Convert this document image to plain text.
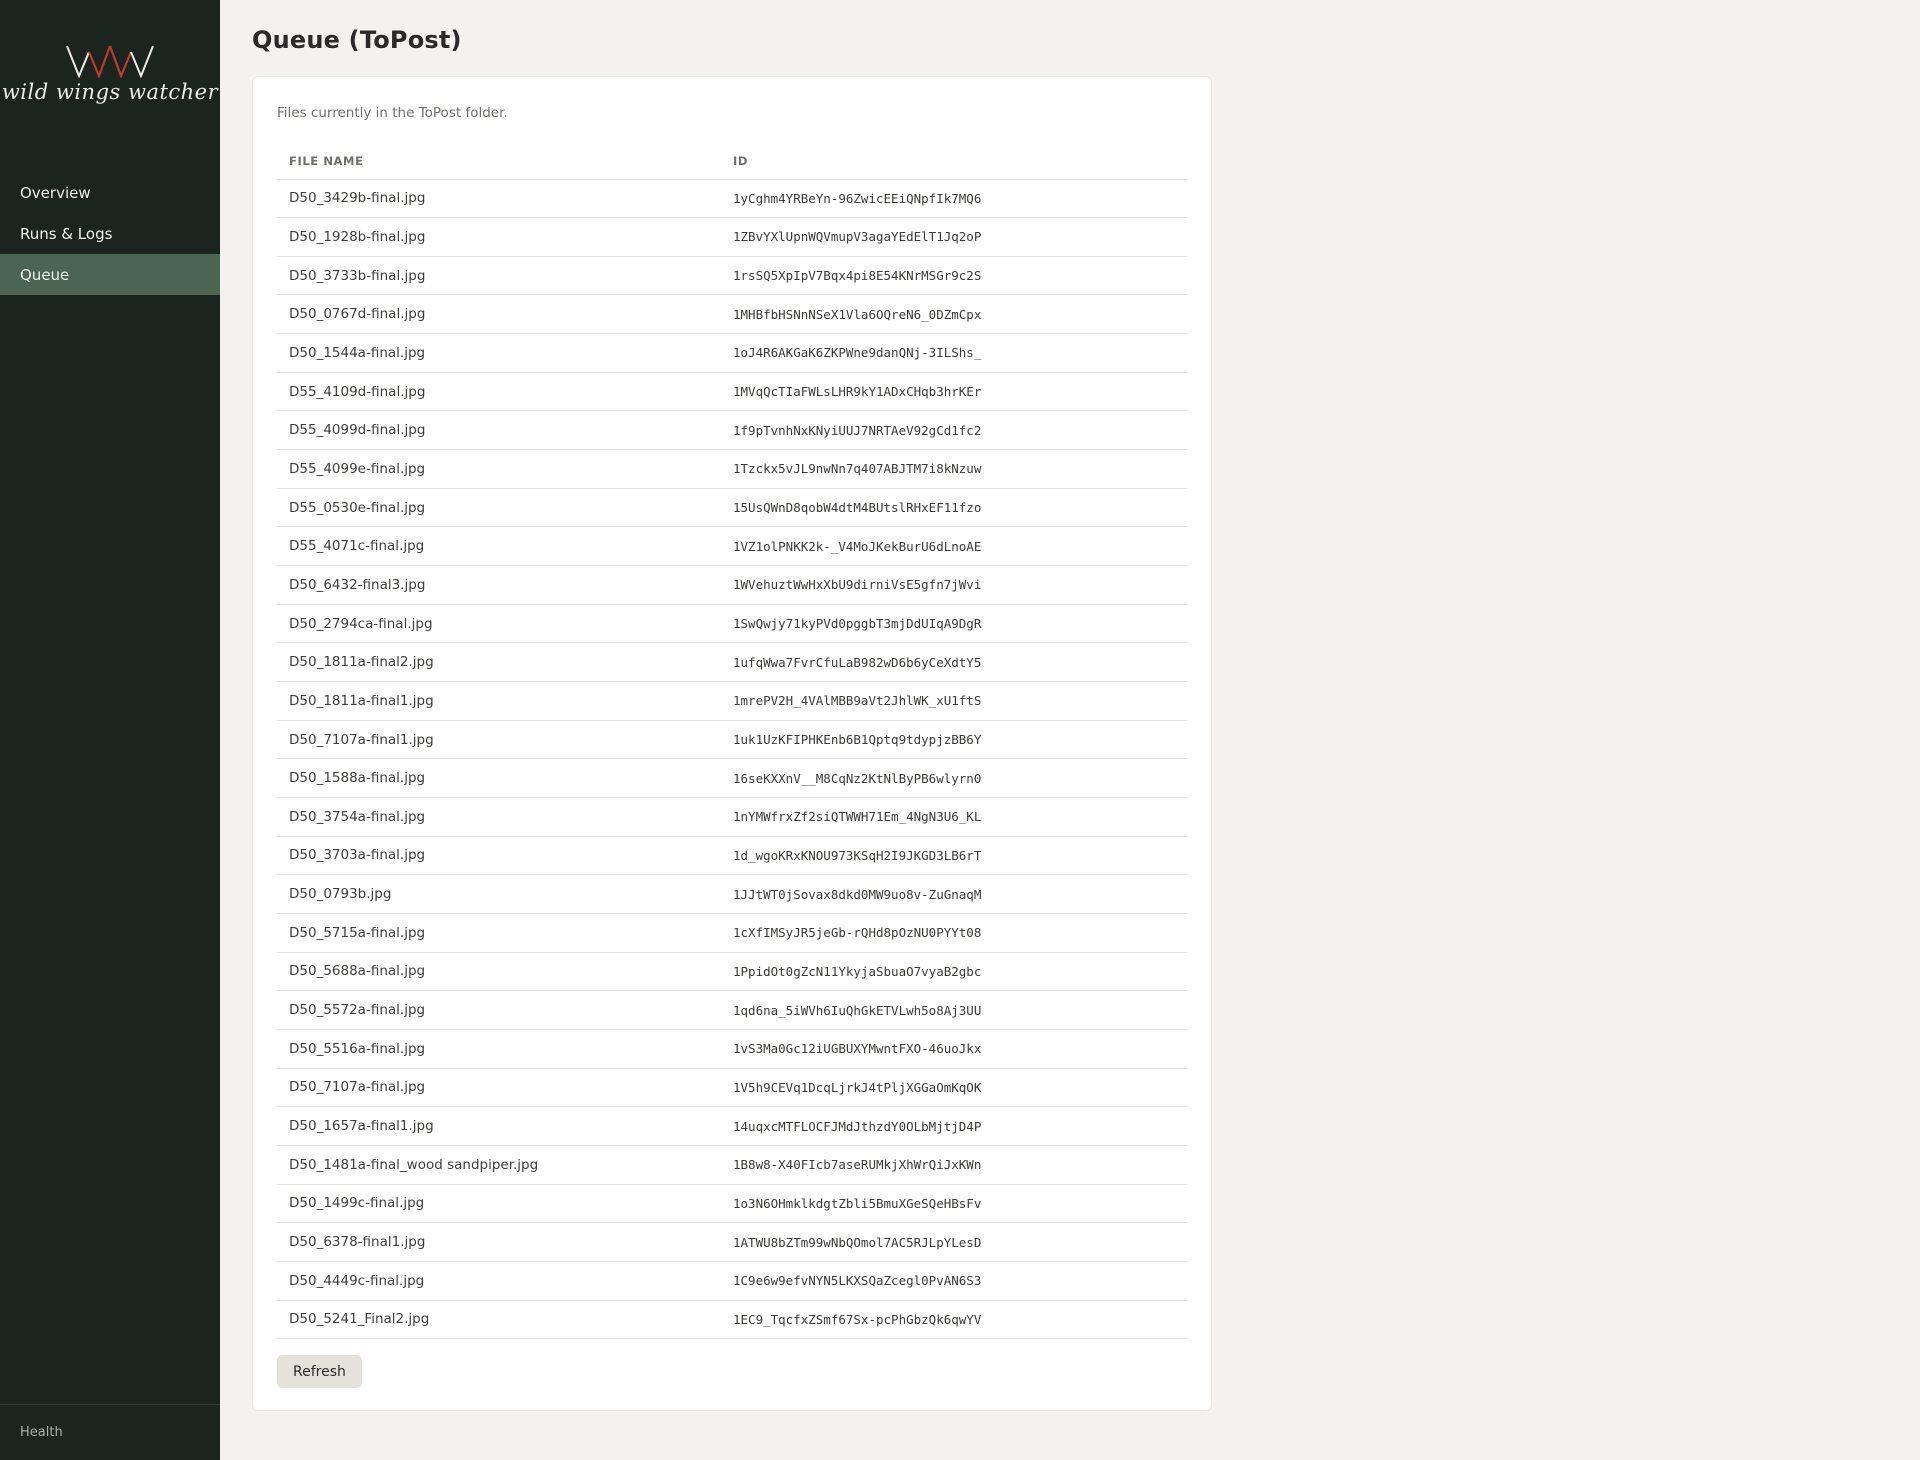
wild wings watcher
Overview
Runs & Logs
Queue
Health
Queue (ToPost)

Files currently in the ToPost folder.

FILE NAME	ID
D50_3429b-final.jpg	1yCghm4YRBeYn-96ZwicEEiQNpfIk7MQ6
D50_1928b-final.jpg	1ZBvYXlUpnWQVmupV3agaYEdElT1Jq2oP
D50_3733b-final.jpg	1rsSQ5XpIpV7Bqx4pi8E54KNrMSGr9c2S
D50_0767d-final.jpg	1MHBfbHSNnNSeX1Vla6OQreN6_0DZmCpx
D50_1544a-final.jpg	1oJ4R6AKGaK6ZKPWne9danQNj-3ILShs_
D55_4109d-final.jpg	1MVqQcTIaFWLsLHR9kY1ADxCHqb3hrKEr
D55_4099d-final.jpg	1f9pTvnhNxKNyiUUJ7NRTAeV92gCd1fc2
D55_4099e-final.jpg	1Tzckx5vJL9nwNn7q407ABJTM7i8kNzuw
D55_0530e-final.jpg	15UsQWnD8qobW4dtM4BUtslRHxEF11fzo
D55_4071c-final.jpg	1VZ1olPNKK2k-_V4MoJKekBurU6dLnoAE
D50_6432-final3.jpg	1WVehuztWwHxXbU9dirniVsE5gfn7jWvi
D50_2794ca-final.jpg	1SwQwjy71kyPVd0pggbT3mjDdUIqA9DgR
D50_1811a-final2.jpg	1ufqWwa7FvrCfuLaB982wD6b6yCeXdtY5
D50_1811a-final1.jpg	1mrePV2H_4VAlMBB9aVt2JhlWK_xU1ftS
D50_7107a-final1.jpg	1uk1UzKFIPHKEnb6B1Qptq9tdypjzBB6Y
D50_1588a-final.jpg	16seKXXnV__M8CqNz2KtNlByPB6wlyrn0
D50_3754a-final.jpg	1nYMWfrxZf2siQTWWH71Em_4NgN3U6_KL
D50_3703a-final.jpg	1d_wgoKRxKNOU973KSqH2I9JKGD3LB6rT
D50_0793b.jpg	1JJtWT0jSovax8dkd0MW9uo8v-ZuGnaqM
D50_5715a-final.jpg	1cXfIMSyJR5jeGb-rQHd8pOzNU0PYYt08
D50_5688a-final.jpg	1PpidOt0gZcN11YkyjaSbuaO7vyaB2gbc
D50_5572a-final.jpg	1qd6na_5iWVh6IuQhGkETVLwh5o8Aj3UU
D50_5516a-final.jpg	1vS3Ma0Gc12iUGBUXYMwntFXO-46uoJkx
D50_7107a-final.jpg	1V5h9CEVq1DcqLjrkJ4tPljXGGaOmKqOK
D50_1657a-final1.jpg	14uqxcMTFLOCFJMdJthzdY0OLbMjtjD4P
D50_1481a-final_wood sandpiper.jpg	1B8w8-X40FIcb7aseRUMkjXhWrQiJxKWn
D50_1499c-final.jpg	1o3N6OHmklkdgtZbli5BmuXGeSQeHBsFv
D50_6378-final1.jpg	1ATWU8bZTm99wNbQOmol7AC5RJLpYLesD
D50_4449c-final.jpg	1C9e6w9efvNYN5LKXSQaZcegl0PvAN6S3
D50_5241_Final2.jpg	1EC9_TqcfxZSmf67Sx-pcPhGbzQk6qwYV
Refresh
